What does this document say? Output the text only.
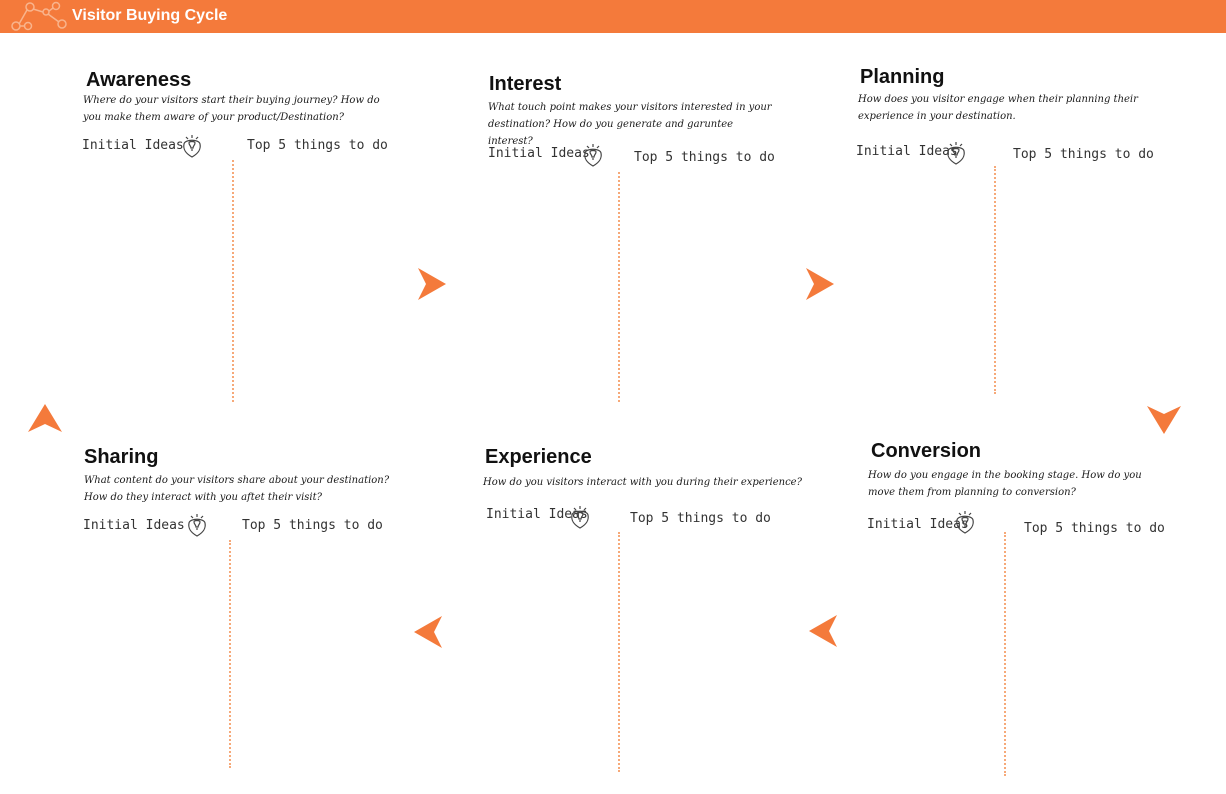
Visitor Buying Cycle
Awareness
Where do your visitors start their buying journey? How do you make them aware of your product/Destination?
Initial Ideas	Top 5 things to do
Interest
What touch point makes your visitors interested in your destination? How do you generate and garuntee interest?
Initial Ideas	Top 5 things to do
Planning
How does you visitor engage when their planning their experience in your destination.
Initial Ideas	Top 5 things to do
Sharing
What content do your visitors share about your destination? How do they interact with you aftet their visit?
Initial Ideas	Top 5 things to do
Experience
How do you visitors interact with you during their experience?
Initial Ideas	Top 5 things to do
Conversion
How do you engage in the booking stage. How do you move them from planning to conversion?
Initial Ideas	Top 5 things to do
